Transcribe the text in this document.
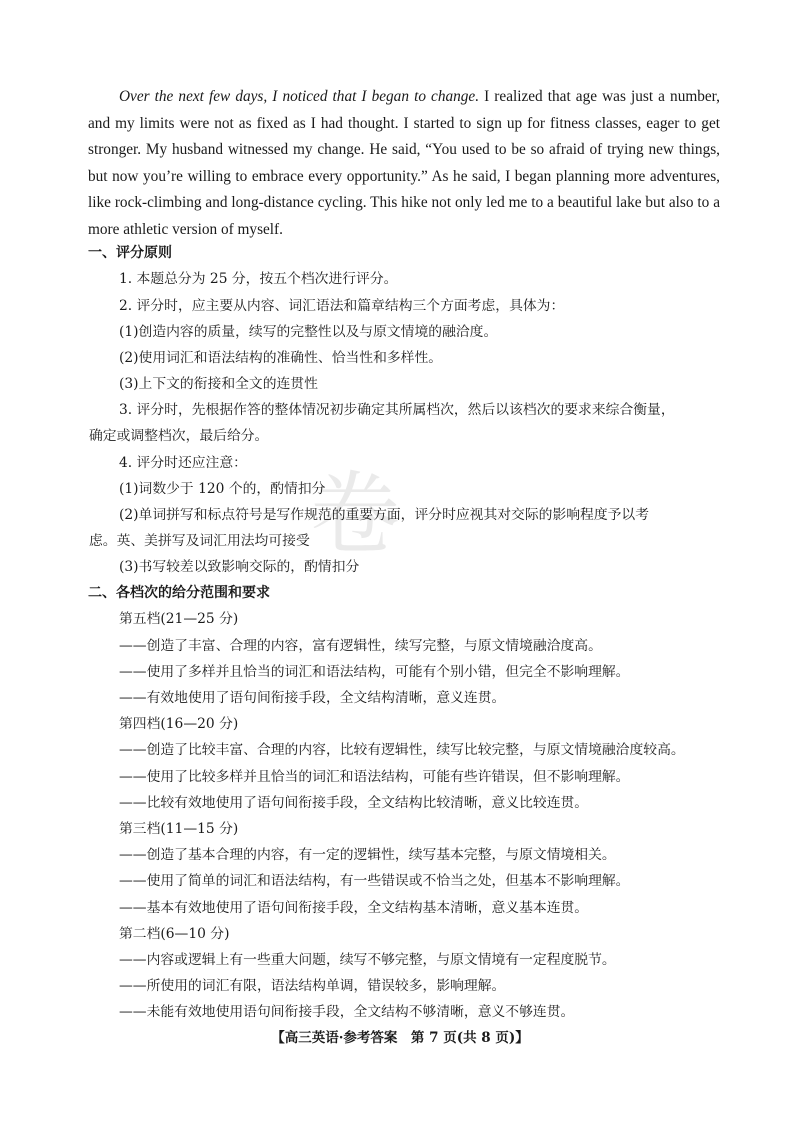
卷
Over the next few days, I noticed that I began to change. I realized that age was just a number, and my limits were not as fixed as I had thought. I started to sign up for fitness classes, eager to get stronger. My husband witnessed my change. He said, “You used to be so afraid of trying new things, but now you’re willing to embrace every opportunity.” As he said, I began planning more adventures, like rock-climbing and long-distance cycling. This hike not only led me to a beautiful lake but also to a more athletic version of myself.
一、评分原则
1. 本题总分为 25 分，按五个档次进行评分。
2. 评分时，应主要从内容、词汇语法和篇章结构三个方面考虑，具体为：
(1)创造内容的质量，续写的完整性以及与原文情境的融洽度。
(2)使用词汇和语法结构的准确性、恰当性和多样性。
(3)上下文的衔接和全文的连贯性
3. 评分时，先根据作答的整体情况初步确定其所属档次，然后以该档次的要求来综合衡量，
确定或调整档次，最后给分。
4. 评分时还应注意：
(1)词数少于 120 个的，酌情扣分
(2)单词拼写和标点符号是写作规范的重要方面，评分时应视其对交际的影响程度予以考
虑。英、美拼写及词汇用法均可接受
(3)书写较差以致影响交际的，酌情扣分
二、各档次的给分范围和要求
第五档(21—25 分)
——创造了丰富、合理的内容，富有逻辑性，续写完整，与原文情境融洽度高。
——使用了多样并且恰当的词汇和语法结构，可能有个别小错，但完全不影响理解。
——有效地使用了语句间衔接手段，全文结构清晰，意义连贯。
第四档(16—20 分)
——创造了比较丰富、合理的内容，比较有逻辑性，续写比较完整，与原文情境融洽度较高。
——使用了比较多样并且恰当的词汇和语法结构，可能有些许错误，但不影响理解。
——比较有效地使用了语句间衔接手段，全文结构比较清晰，意义比较连贯。
第三档(11—15 分)
——创造了基本合理的内容，有一定的逻辑性，续写基本完整，与原文情境相关。
——使用了简单的词汇和语法结构，有一些错误或不恰当之处，但基本不影响理解。
——基本有效地使用了语句间衔接手段，全文结构基本清晰，意义基本连贯。
第二档(6—10 分)
——内容或逻辑上有一些重大问题，续写不够完整，与原文情境有一定程度脱节。
——所使用的词汇有限，语法结构单调，错误较多，影响理解。
——未能有效地使用语句间衔接手段，全文结构不够清晰，意义不够连贯。
【高三英语·参考答案　第 7 页(共 8 页)】
